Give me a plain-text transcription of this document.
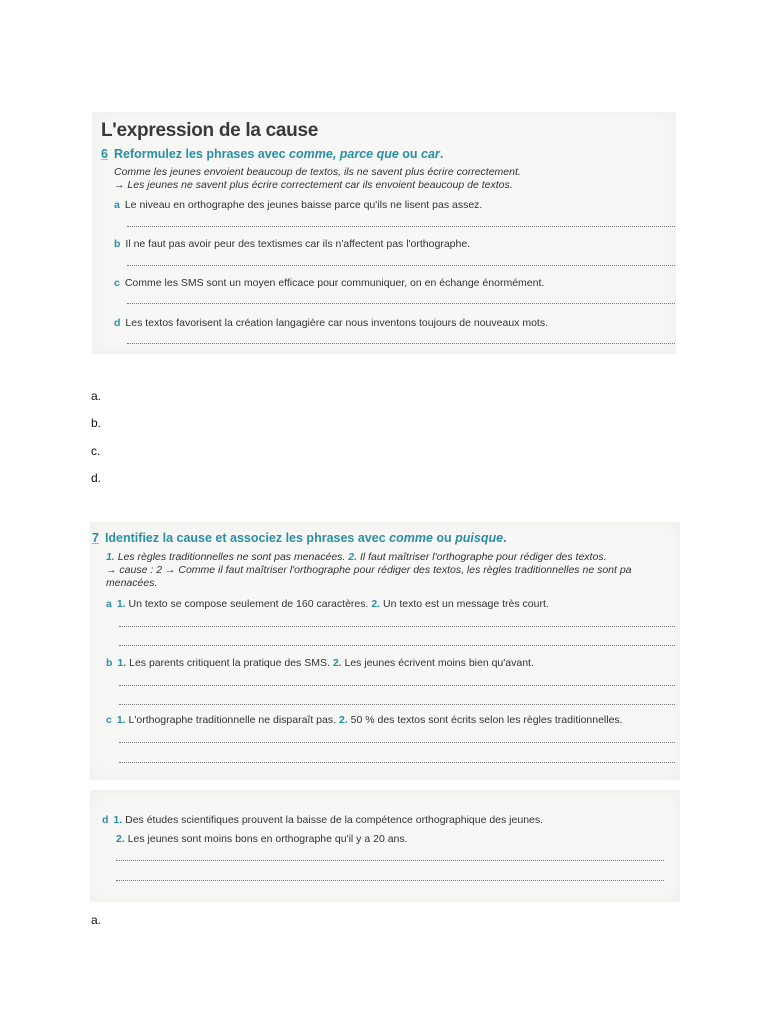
L'expression de la cause
6 Reformulez les phrases avec comme, parce que ou car.
Comme les jeunes envoient beaucoup de textos, ils ne savent plus écrire correctement.
→ Les jeunes ne savent plus écrire correctement car ils envoient beaucoup de textos.
a Le niveau en orthographe des jeunes baisse parce qu'ils ne lisent pas assez.
b Il ne faut pas avoir peur des textismes car ils n'affectent pas l'orthographe.
c Comme les SMS sont un moyen efficace pour communiquer, on en échange énormément.
d Les textos favorisent la création langagière car nous inventons toujours de nouveaux mots.
a.
b.
c.
d.
7 Identifiez la cause et associez les phrases avec comme ou puisque.
1. Les règles traditionnelles ne sont pas menacées. 2. Il faut maîtriser l'orthographe pour rédiger des textos.
→ cause : 2 → Comme il faut maîtriser l'orthographe pour rédiger des textos, les règles traditionnelles ne sont pa
menacées.
a 1. Un texto se compose seulement de 160 caractères. 2. Un texto est un message très court.
b 1. Les parents critiquent la pratique des SMS. 2. Les jeunes écrivent moins bien qu'avant.
c 1. L'orthographe traditionnelle ne disparaît pas. 2. 50 % des textos sont écrits selon les règles traditionnelles.
d 1. Des études scientifiques prouvent la baisse de la compétence orthographique des jeunes.
2. Les jeunes sont moins bons en orthographe qu'il y a 20 ans.
a.
